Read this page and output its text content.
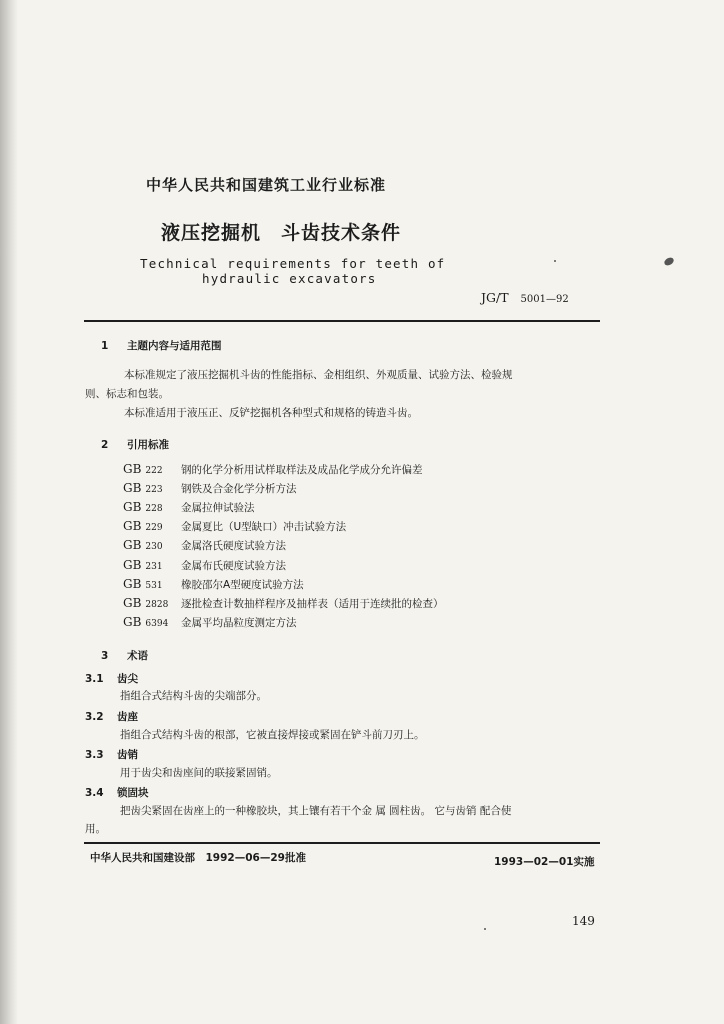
中华人民共和国建筑工业行业标准
液压挖掘机　斗齿技术条件
Technical requirements for teeth of
hydraulic excavators
JG/T 5001—92
1 主题内容与适用范围
本标准规定了液压挖掘机斗齿的性能指标、金相组织、外观质量、试验方法、检验规
则、标志和包装。
本标准适用于液压正、反铲挖掘机各种型式和规格的铸造斗齿。
2 引用标准
GB 222 钢的化学分析用试样取样法及成品化学成分允许偏差
GB 223 钢铁及合金化学分析方法
GB 228 金属拉伸试验法
GB 229 金属夏比（U型缺口）冲击试验方法
GB 230 金属洛氏硬度试验方法
GB 231 金属布氏硬度试验方法
GB 531 橡胶邵尔A型硬度试验方法
GB 2828 逐批检查计数抽样程序及抽样表（适用于连续批的检查）
GB 6394 金属平均晶粒度测定方法
3 术语
3.1 齿尖
指组合式结构斗齿的尖端部分。
3.2 齿座
指组合式结构斗齿的根部，它被直接焊接或紧固在铲斗前刀刃上。
3.3 齿销
用于齿尖和齿座间的联接紧固销。
3.4 锁固块
把齿尖紧固在齿座上的一种橡胶块，其上镶有若干个金 属 圆柱齿。 它与齿销 配合使
用。
中华人民共和国建设部　1992—06—29批准	1993—02—01实施
149
